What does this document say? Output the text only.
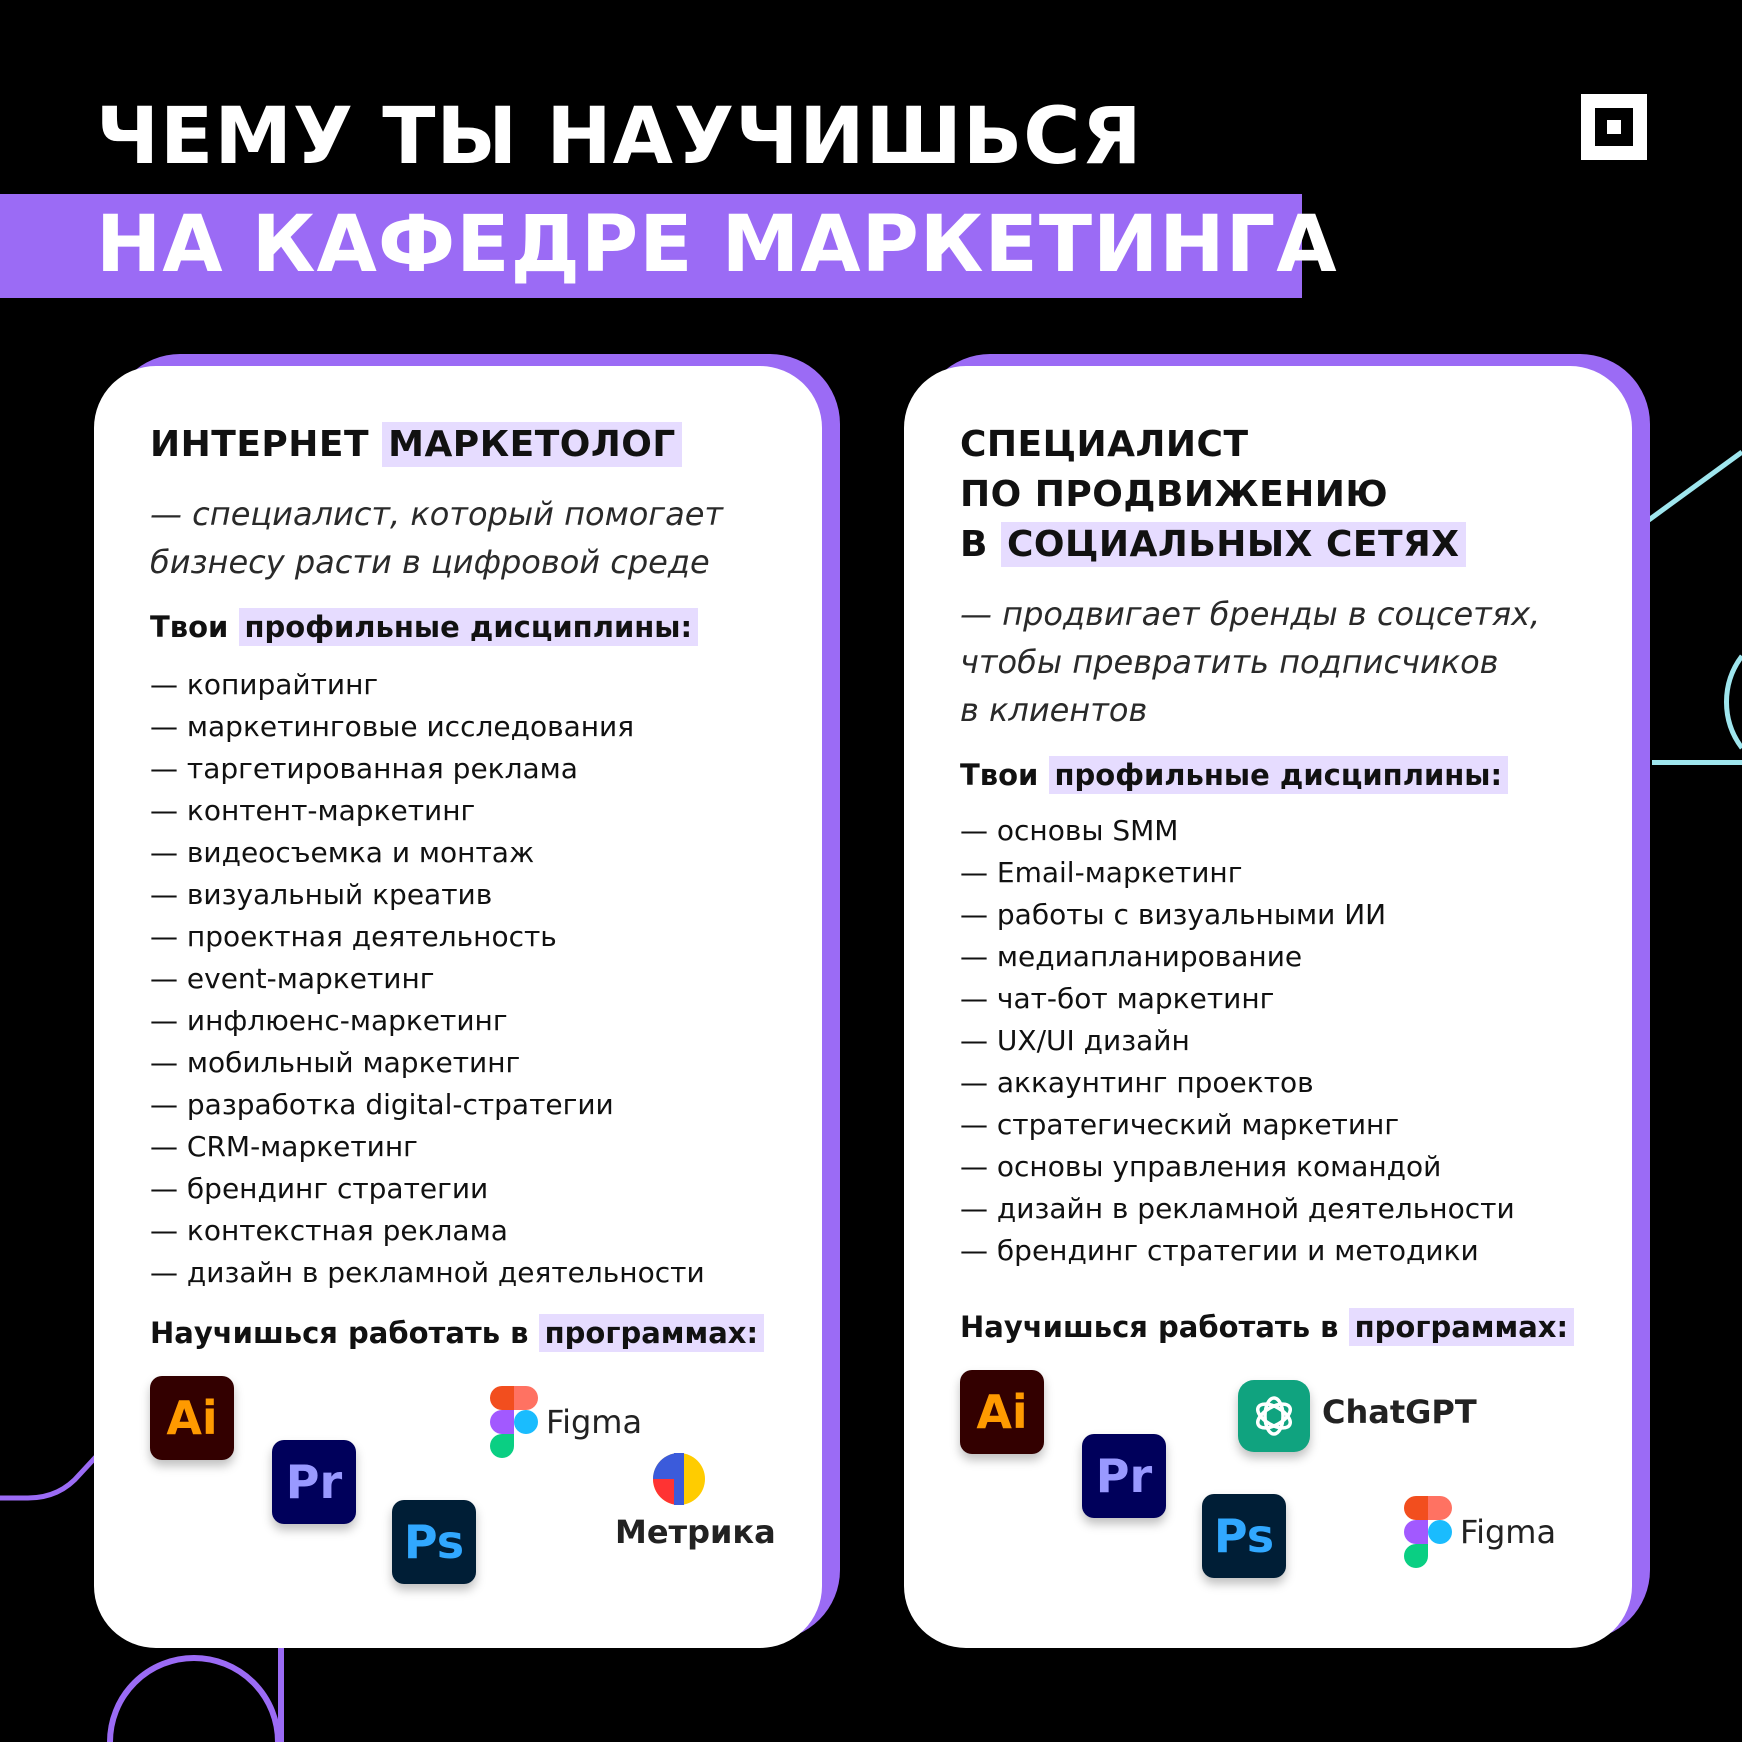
ЧЕМУ ТЫ НАУЧИШЬСЯ
НА КАФЕДРЕ МАРКЕТИНГА
ИНТЕРНЕТ МАРКЕТОЛОГ

— специалист, который помогает
бизнесу расти в цифровой среде

Твои профильные дисциплины:

— копирайтинг
— маркетинговые исследования
— таргетированная реклама
— контент-маркетинг
— видеосъемка и монтаж
— визуальный креатив
— проектная деятельность
— event-маркетинг
— инфлюенс-маркетинг
— мобильный маркетинг
— разработка digital-стратегии
— CRM-маркетинг
— брендинг стратегии
— контекстная реклама
— дизайн в рекламной деятельности

Научишься работать в программах:

Ai
Pr
Ps
Figma
Метрика
СПЕЦИАЛИСТ
ПО ПРОДВИЖЕНИЮ
В СОЦИАЛЬНЫХ СЕТЯХ

— продвигает бренды в соцсетях,
чтобы превратить подписчиков
в клиентов

Твои профильные дисциплины:

— основы SMM
— Email-маркетинг
— работы с визуальными ИИ
— медиапланирование
— чат-бот маркетинг
— UX/UI дизайн
— аккаунтинг проектов
— стратегический маркетинг
— основы управления командой
— дизайн в рекламной деятельности
— брендинг стратегии и методики

Научишься работать в программах:

Ai
Pr
Ps
ChatGPT
Figma
